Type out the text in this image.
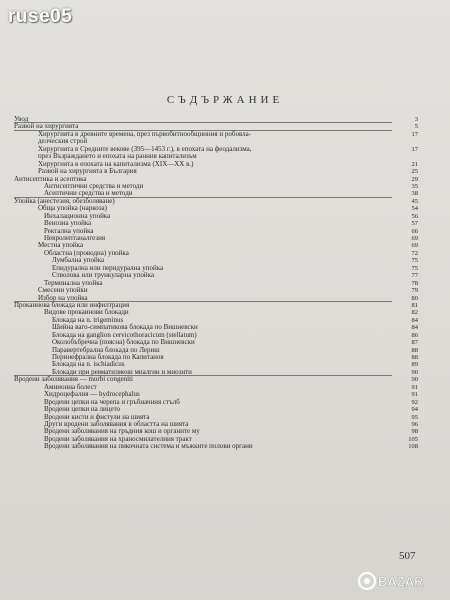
ruse05
BAZAR
СЪДЪРЖАНИЕ
Увод	3
Развой на хирургията	5
Хирургията в древните времена, през първобитнообщинния и робовла-	17
делческия строй
Хирургията в Средните векове (395—1453 г.), в епохата на феодализма,	17
през Възраждането и епохата на ранния капитализъм
Хирургията в епохата на капитализма (XIX—XX в.)	21
Развой на хирургията в България	25
Антисептика и асептика	29
Антисептични средства и методи	35
Асептични средства и методи	38
Упойка (анестезия, обезболяване)	45
Обща упойка (наркоза)	54
Инхалационна упойка	56
Венозна упойка	57
Ректална упойка	66
Невролептаналгезия	69
Местна упойка	69
Областна (проводна) упойка	72
Лумбална упойка	75
Епидурална или перидурална упойка	75
Стволова или трункуларна упойка	77
Терминална упойка	78
Смесени упойки	79
Избор на упойка	80
Прокаинова блокада или инфилтрация	81
Видове прокаинови блокади	82
Блокада на n. trigeminus	84
Шийна ваго-симпатикова блокада по Вишневски	84
Блокада на ganglion cervicothoracicum (stellatum)	86
Околобъбречна (поясна) блокада по Вишневски	87
Паравертебрална блокада по Лериш	88
Перинефрална блокада по Капитанов	88
Блокада на n. ischiadicus	89
Блокади при ревматизмени миалгии и миозити	90
Вродени заболявания — morbi congeniti	90
Амнионна болест	91
Хидроцефалия — hydrocephalus	91
Вродени цепки на черепа и гръбначния стълб	92
Вродени цепки на лицето	94
Вродени кисти и фистули на шията	95
Други вродени заболявания в областта на шията	96
Вродени заболявания на гръдния кош и органите му	98
Вродени заболявания на храносмилателния тракт	105
Вродени заболявания на пикочната система и мъжките полови органи	108
507
